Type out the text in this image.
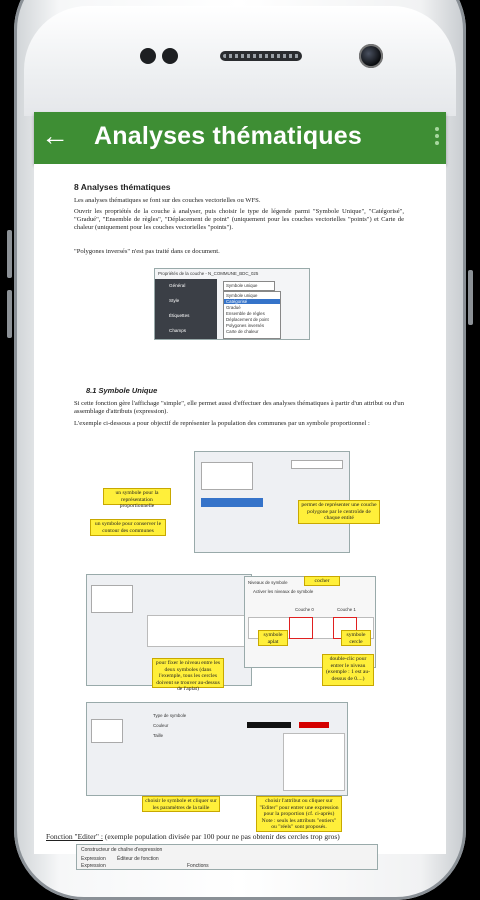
← Analyses thématiques
8 Analyses thématiques
Les analyses thématiques se font sur des couches vectorielles ou WFS.
Ouvrir les propriétés de la couche à analyser, puis choisir le type de légende parmi "Symbole Unique", "Catégorisé", "Gradué", "Ensemble de règles", "Déplacement de point" (uniquement pour les couches vectorielles "points") et Carte de chaleur (uniquement pour les couches vectorielles "points").
"Polygones inversés" n'est pas traité dans ce document.
Propriétés de la couche - N_COMMUNE_BDC_025
Général
Style
Étiquettes
Champs
Symbole unique
Symbole unique
Catégorisé
Gradué
Ensemble de règles
Déplacement de point
Polygones inversés
Carte de chaleur
8.1 Symbole Unique
Si cette fonction gère l'affichage "simple", elle permet aussi d'effectuer des analyses thématiques à partir d'un attribut ou d'un assemblage d'attributs (expression).
L'exemple ci-dessous a pour objectif de représenter la population des communes par un symbole proportionnel :
un symbole pour la représentation proportionnelle
un symbole pour conserver le contour des communes
permet de représenter une couche polygone par le centroïde de chaque entité
Niveaux de symbole
Activer les niveaux de symbole
Couche 0	Couche 1
cocher
symbole aplat
symbole cercle
double-clic pour entrer le niveau (exemple : 1 est au-dessus de 0....)
pour fixer le niveau entre les deux symboles (dans l'exemple, tous les cercles doivent se trouver au-dessus de l'aplat)
Type de symbole
Couleur
Taille
choisir le symbole et cliquer sur les paramètres de la taille
choisir l'attribut ou cliquer sur "Editer" pour entrer une expression pour la proportion (cf. ci-après) Note : seuls les attributs "entiers" ou "réels" sont proposés.
Fonction "Editer" : (exemple population divisée par 100 pour ne pas obtenir des cercles trop gros)
Constructeur de chaîne d'expression
Expression Éditeur de fonction
Expression	Fonctions
